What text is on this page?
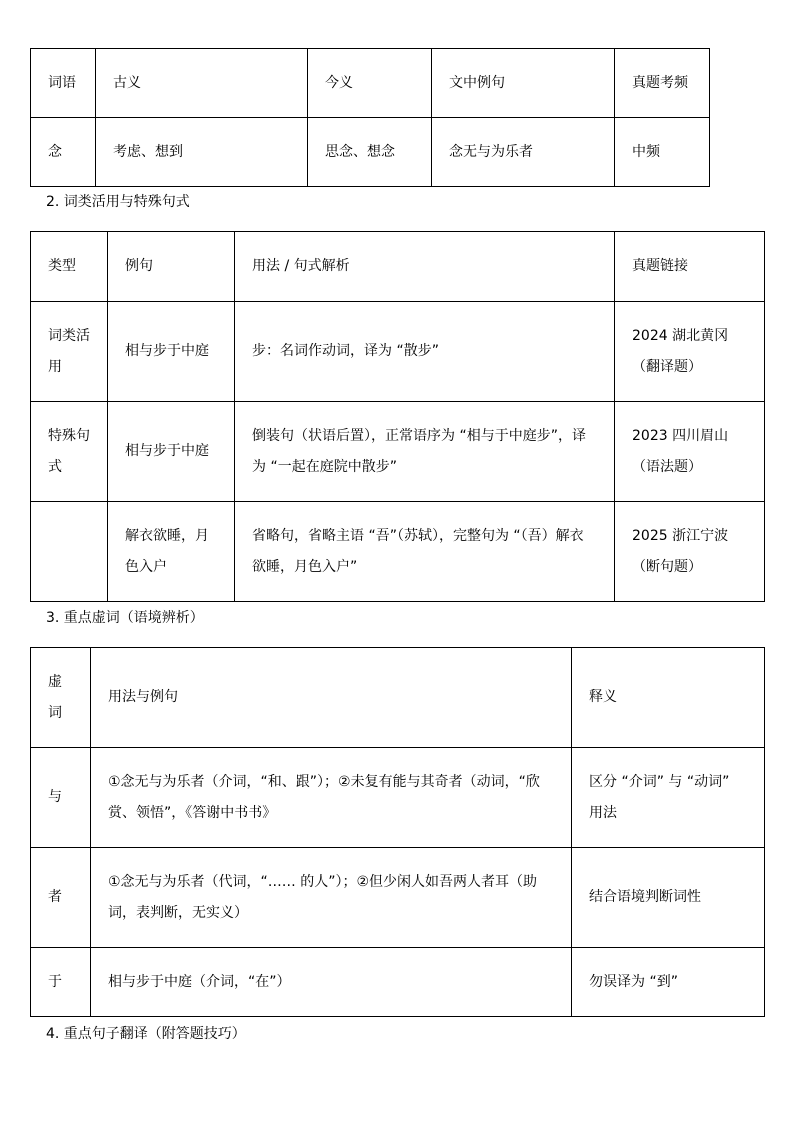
词语	古义	今义	文中例句	真题考频
念	考虑、想到	思念、想念	念无与为乐者	中频
2. 词类活用与特殊句式
类型	例句	用法 / 句式解析	真题链接
词类活用	相与步于中庭	步：名词作动词，译为 “散步”	2024 湖北黄冈（翻译题）
特殊句式	相与步于中庭	倒装句（状语后置），正常语序为 “相与于中庭步”，译为 “一起在庭院中散步”	2023 四川眉山（语法题）
	解衣欲睡，月色入户	省略句，省略主语 “吾”（苏轼），完整句为 “（吾）解衣欲睡，月色入户”	2025 浙江宁波（断句题）
3. 重点虚词（语境辨析）
虚词	用法与例句	释义
与	①念无与为乐者（介词，“和、跟”）；②未复有能与其奇者（动词，“欣赏、领悟”，《答谢中书书》	区分 “介词” 与 “动词” 用法
者	①念无与为乐者（代词，“…… 的人”）；②但少闲人如吾两人者耳（助词，表判断，无实义）	结合语境判断词性
于	相与步于中庭（介词，“在”）	勿误译为 “到”
4. 重点句子翻译（附答题技巧）
